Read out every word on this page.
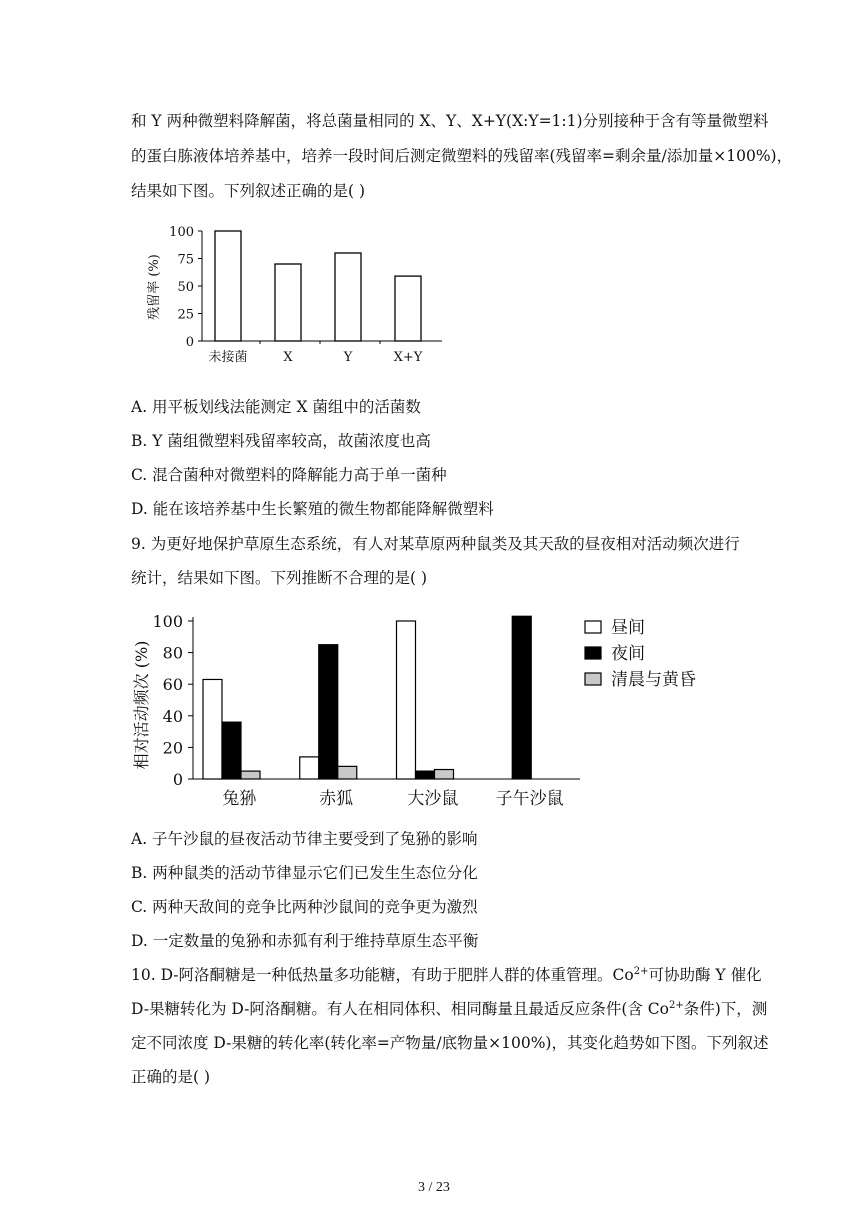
和 Y 两种微塑料降解菌，将总菌量相同的 X、Y、X+Y(X:Y=1:1)分别接种于含有等量微塑料
的蛋白胨液体培养基中，培养一段时间后测定微塑料的残留率(残留率=剩余量/添加量×100%)，
结果如下图。下列叙述正确的是( )
0
25
50
75
100
未接菌	X	Y	X+Y
残留率 (%)
A. 用平板划线法能测定 X 菌组中的活菌数
B. Y 菌组微塑料残留率较高，故菌浓度也高
C. 混合菌种对微塑料的降解能力高于单一菌种
D. 能在该培养基中生长繁殖的微生物都能降解微塑料
9. 为更好地保护草原生态系统，有人对某草原两种鼠类及其天敌的昼夜相对活动频次进行
统计，结果如下图。下列推断不合理的是( )
0
20
40
60
80
100
兔狲	赤狐	大沙鼠 子午沙鼠
昼间
夜间
清晨与黄昏
相对活动频次 (%)
A. 子午沙鼠的昼夜活动节律主要受到了兔狲的影响
B. 两种鼠类的活动节律显示它们已发生生态位分化
C. 两种天敌间的竞争比两种沙鼠间的竞争更为激烈
D. 一定数量的兔狲和赤狐有利于维持草原生态平衡
10. D-阿洛酮糖是一种低热量多功能糖，有助于肥胖人群的体重管理。$Co^{2+}$可协助酶 Y 催化
D-果糖转化为 D-阿洛酮糖。有人在相同体积、相同酶量且最适反应条件(含 $Co^{2+}$条件)下，测
定不同浓度 D-果糖的转化率(转化率=产物量/底物量×100%)，其变化趋势如下图。下列叙述
正确的是( )
3 / 23
